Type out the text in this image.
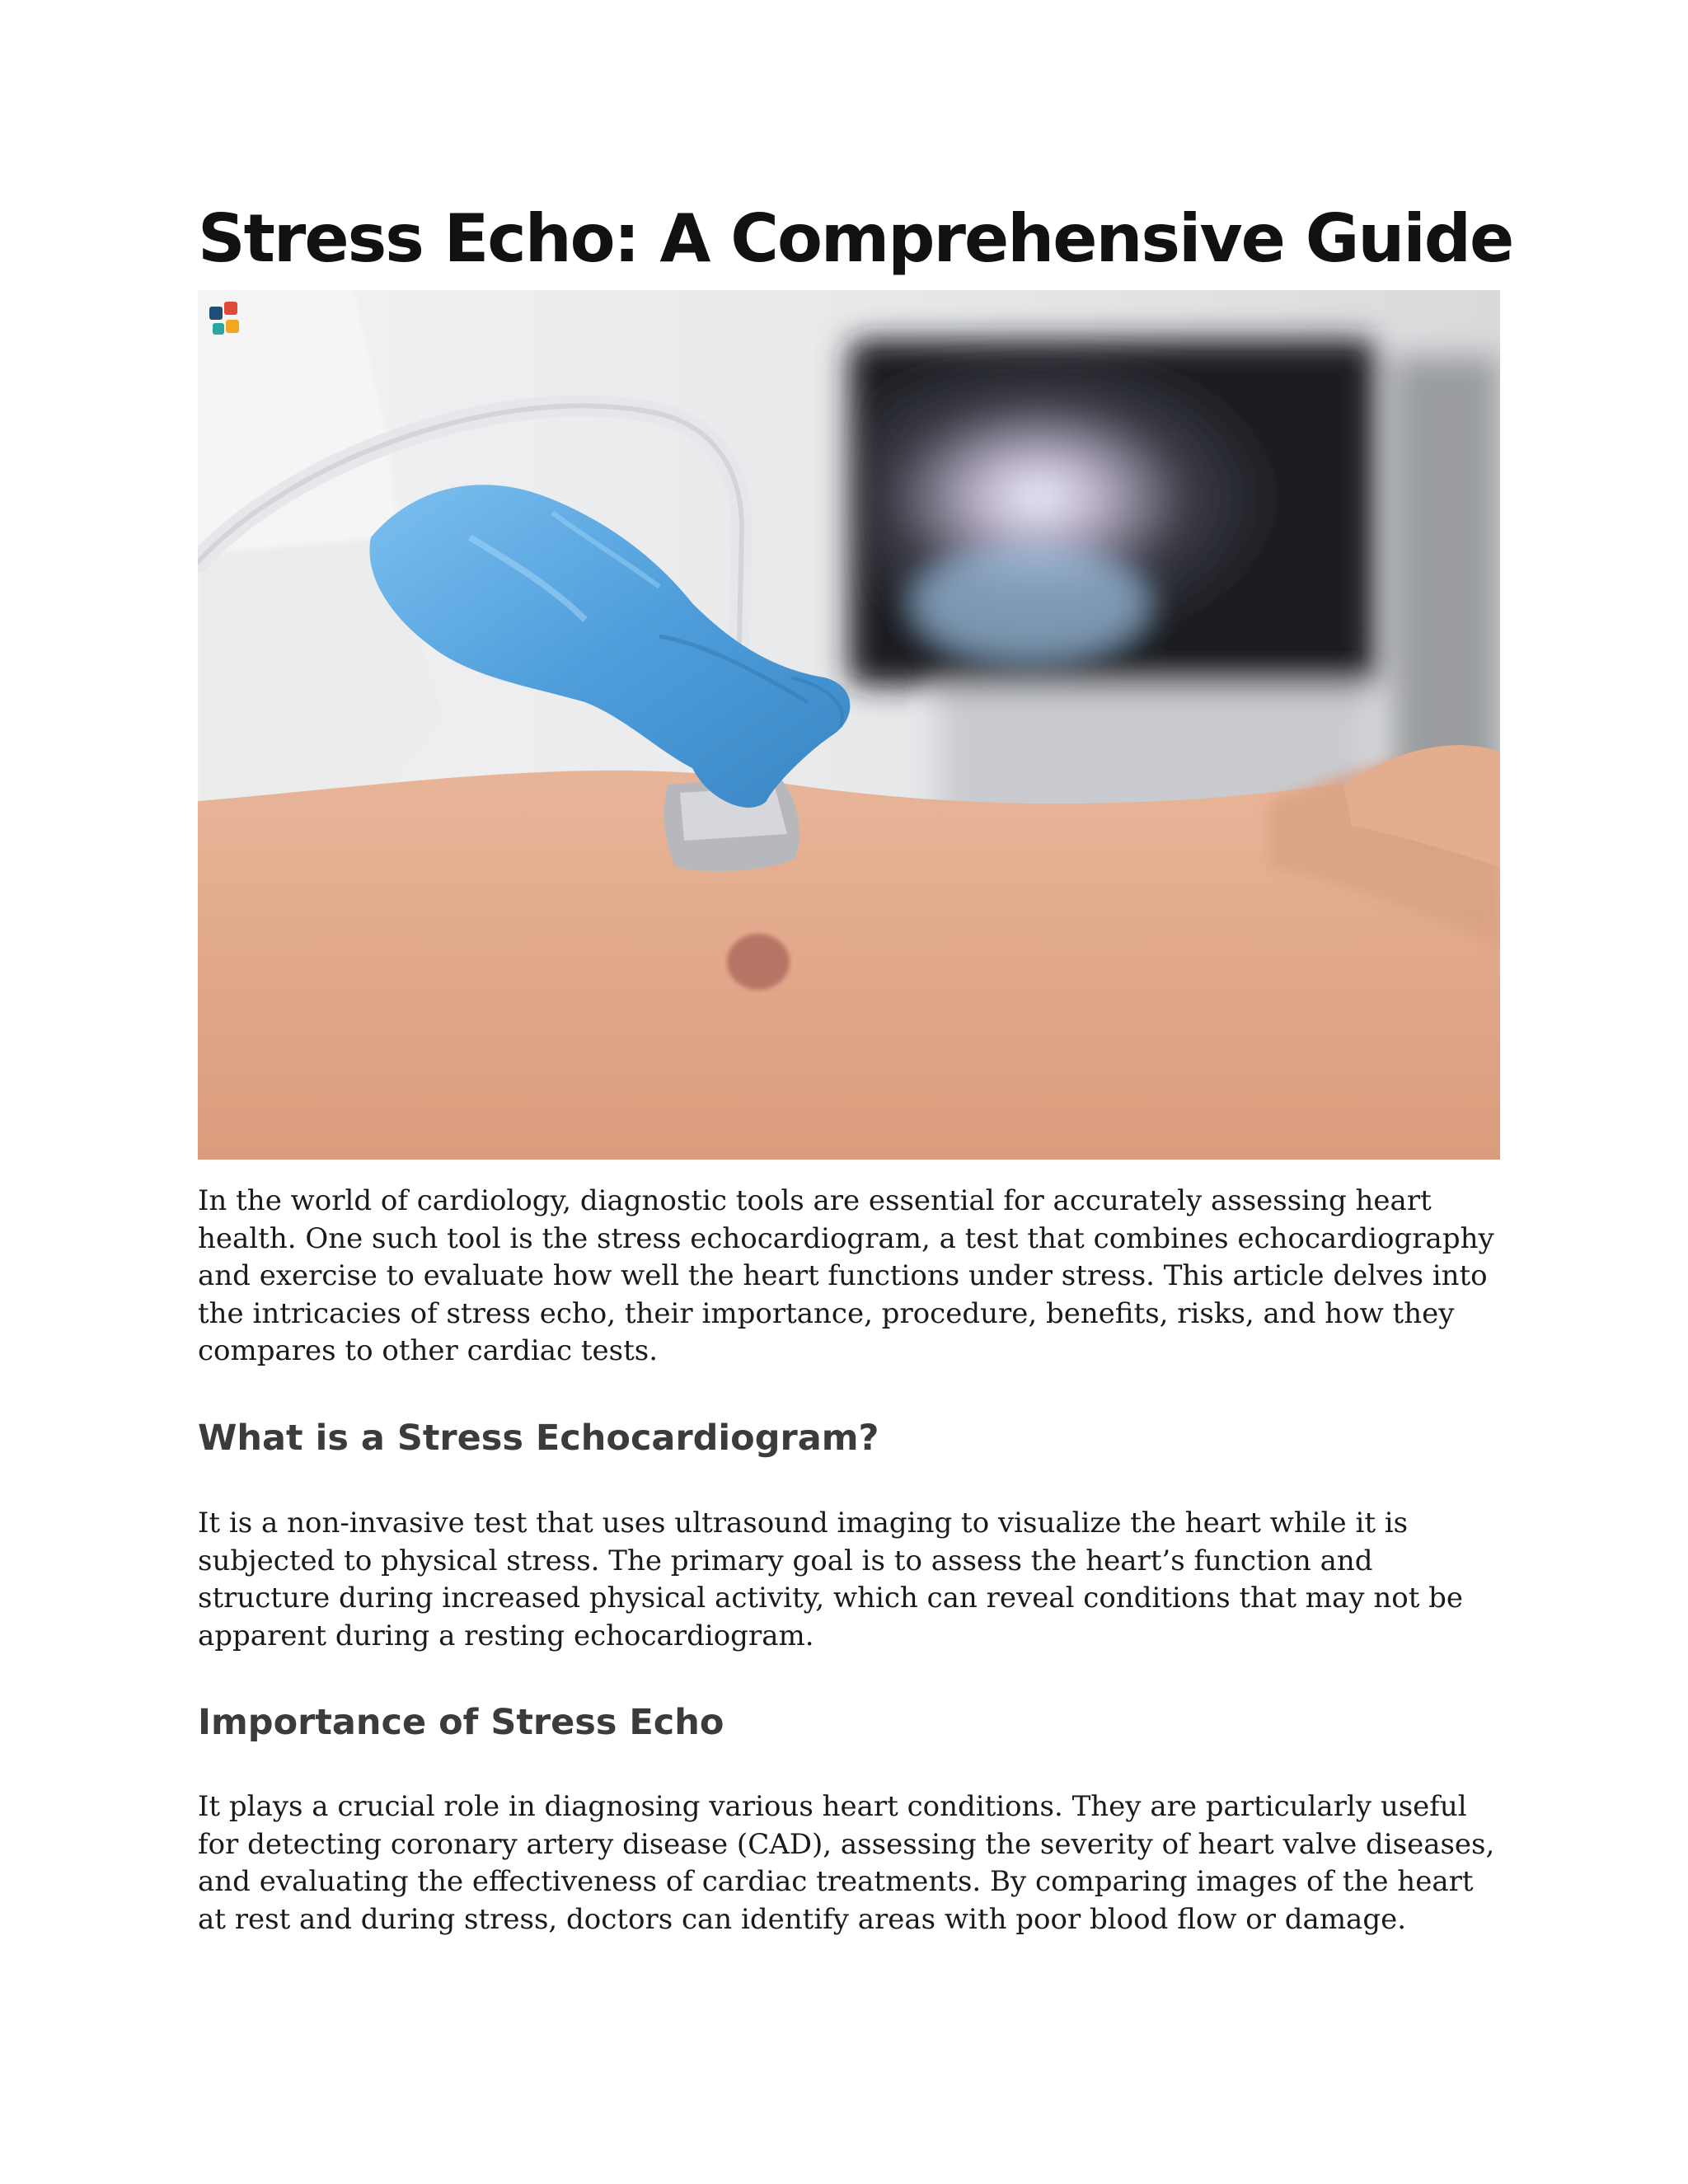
Stress Echo: A Comprehensive Guide

In the world of cardiology, diagnostic tools are essential for accurately assessing heart health. One such tool is the stress echocardiogram, a test that combines echocardiography and exercise to evaluate how well the heart functions under stress. This article delves into the intricacies of stress echo, their importance, procedure, benefits, risks, and how they compares to other cardiac tests.

What is a Stress Echocardiogram?

It is a non-invasive test that uses ultrasound imaging to visualize the heart while it is subjected to physical stress. The primary goal is to assess the heart’s function and structure during increased physical activity, which can reveal conditions that may not be apparent during a resting echocardiogram.

Importance of Stress Echo

It plays a crucial role in diagnosing various heart conditions. They are particularly useful for detecting coronary artery disease (CAD), assessing the severity of heart valve diseases, and evaluating the effectiveness of cardiac treatments. By comparing images of the heart at rest and during stress, doctors can identify areas with poor blood flow or damage.
